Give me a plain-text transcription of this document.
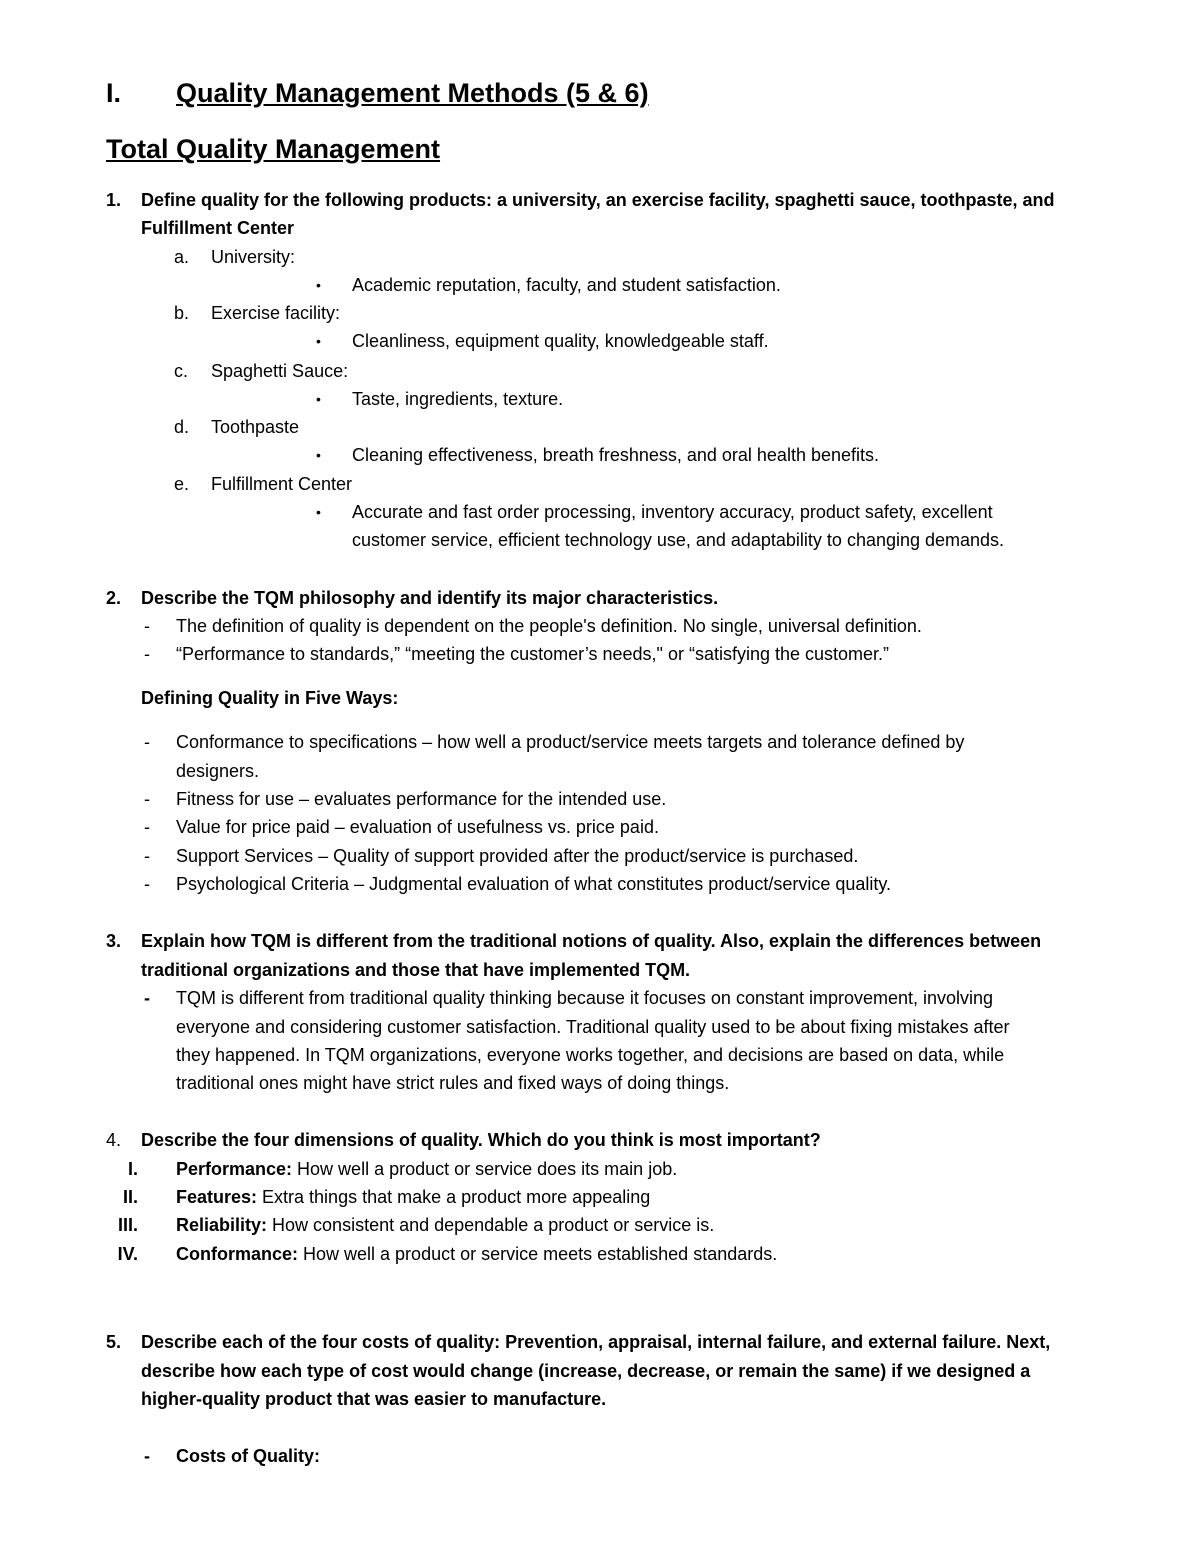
I. Quality Management Methods (5 & 6)
Total Quality Management
1. Define quality for the following products: a university, an exercise facility, spaghetti sauce, toothpaste, and
Fulfillment Center
a. University:
• Academic reputation, faculty, and student satisfaction.
b. Exercise facility:
• Cleanliness, equipment quality, knowledgeable staff.
c. Spaghetti Sauce:
• Taste, ingredients, texture.
d. Toothpaste
• Cleaning effectiveness, breath freshness, and oral health benefits.
e. Fulfillment Center
• Accurate and fast order processing, inventory accuracy, product safety, excellent
customer service, efficient technology use, and adaptability to changing demands.
2. Describe the TQM philosophy and identify its major characteristics.
- The definition of quality is dependent on the people's definition. No single, universal definition.
- “Performance to standards,” “meeting the customer’s needs," or “satisfying the customer.”
Defining Quality in Five Ways:
- Conformance to specifications – how well a product/service meets targets and tolerance defined by
designers.
- Fitness for use – evaluates performance for the intended use.
- Value for price paid – evaluation of usefulness vs. price paid.
- Support Services – Quality of support provided after the product/service is purchased.
- Psychological Criteria – Judgmental evaluation of what constitutes product/service quality.
3. Explain how TQM is different from the traditional notions of quality. Also, explain the differences between
traditional organizations and those that have implemented TQM.
- TQM is different from traditional quality thinking because it focuses on constant improvement, involving
everyone and considering customer satisfaction. Traditional quality used to be about fixing mistakes after
they happened. In TQM organizations, everyone works together, and decisions are based on data, while
traditional ones might have strict rules and fixed ways of doing things.
4. Describe the four dimensions of quality. Which do you think is most important?
I. Performance: How well a product or service does its main job.
II. Features: Extra things that make a product more appealing
III. Reliability: How consistent and dependable a product or service is.
IV. Conformance: How well a product or service meets established standards.
5. Describe each of the four costs of quality: Prevention, appraisal, internal failure, and external failure. Next,
describe how each type of cost would change (increase, decrease, or remain the same) if we designed a
higher-quality product that was easier to manufacture.
- Costs of Quality:
